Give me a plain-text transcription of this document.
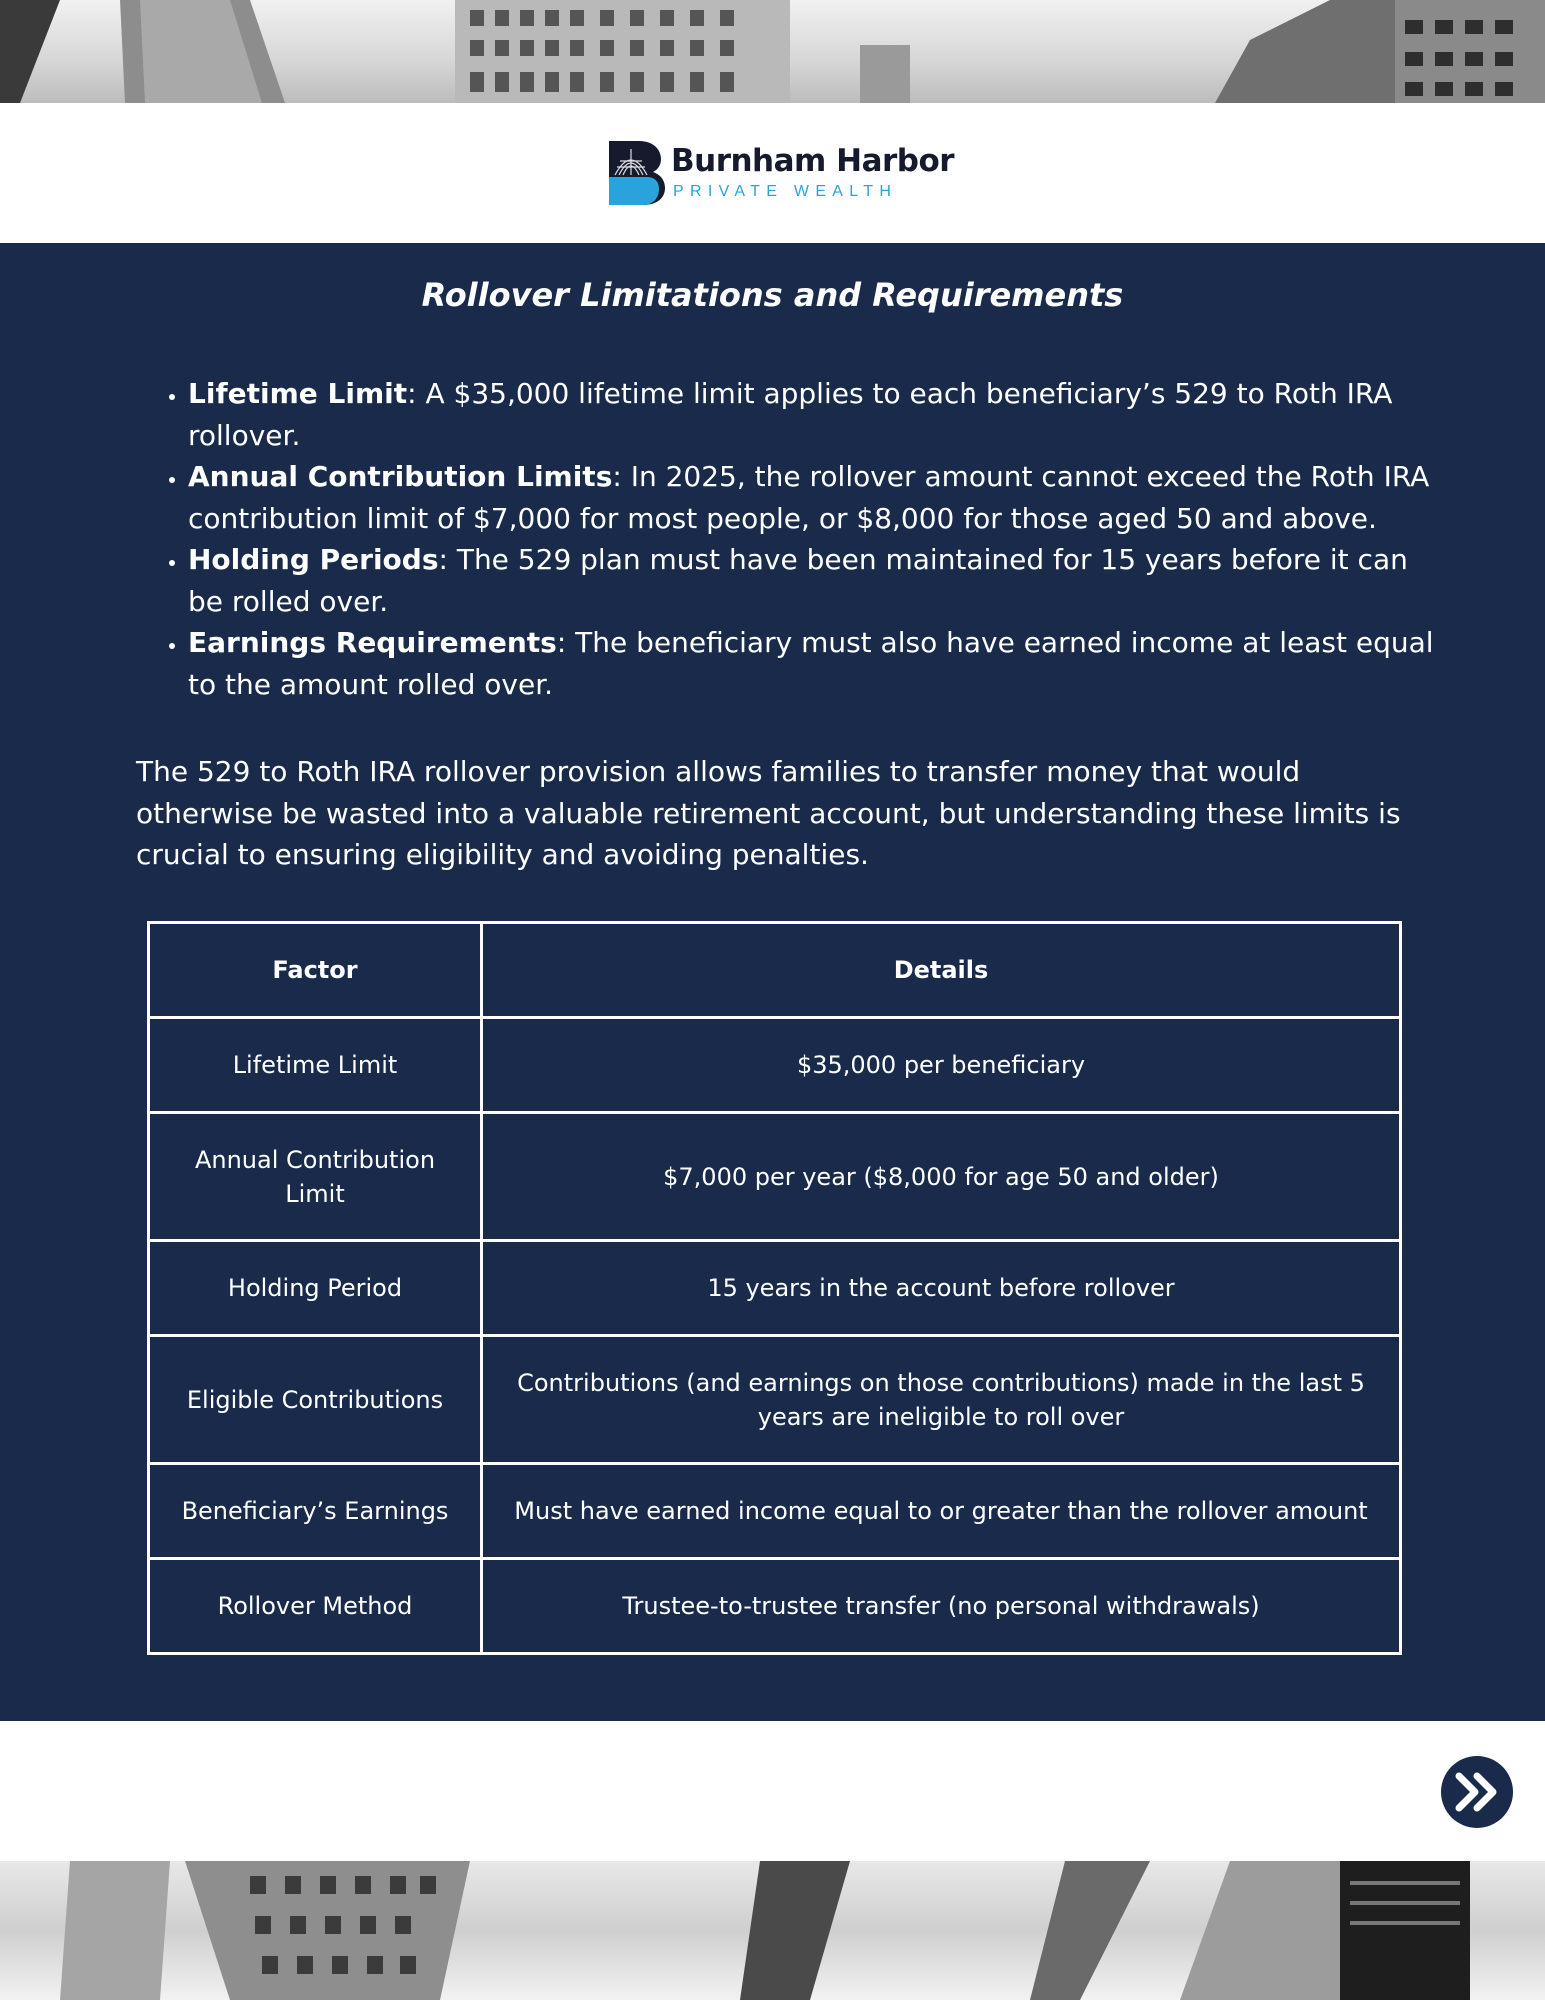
Burnham Harbor
PRIVATE WEALTH
Rollover Limitations and Requirements
• Lifetime Limit: A $35,000 lifetime limit applies to each beneficiary’s 529 to Roth IRA rollover.
• Annual Contribution Limits: In 2025, the rollover amount cannot exceed the Roth IRA contribution limit of $7,000 for most people, or $8,000 for those aged 50 and above.
• Holding Periods: The 529 plan must have been maintained for 15 years before it can be rolled over.
• Earnings Requirements: The beneficiary must also have earned income at least equal to the amount rolled over.

The 529 to Roth IRA rollover provision allows families to transfer money that would otherwise be wasted into a valuable retirement account, but understanding these limits is crucial to ensuring eligibility and avoiding penalties.

Factor	Details
Lifetime Limit	$35,000 per beneficiary
Annual Contribution Limit	$7,000 per year ($8,000 for age 50 and older)
Holding Period	15 years in the account before rollover
Eligible Contributions	Contributions (and earnings on those contributions) made in the last 5 years are ineligible to roll over
Beneficiary’s Earnings	Must have earned income equal to or greater than the rollover amount
Rollover Method	Trustee-to-trustee transfer (no personal withdrawals)
